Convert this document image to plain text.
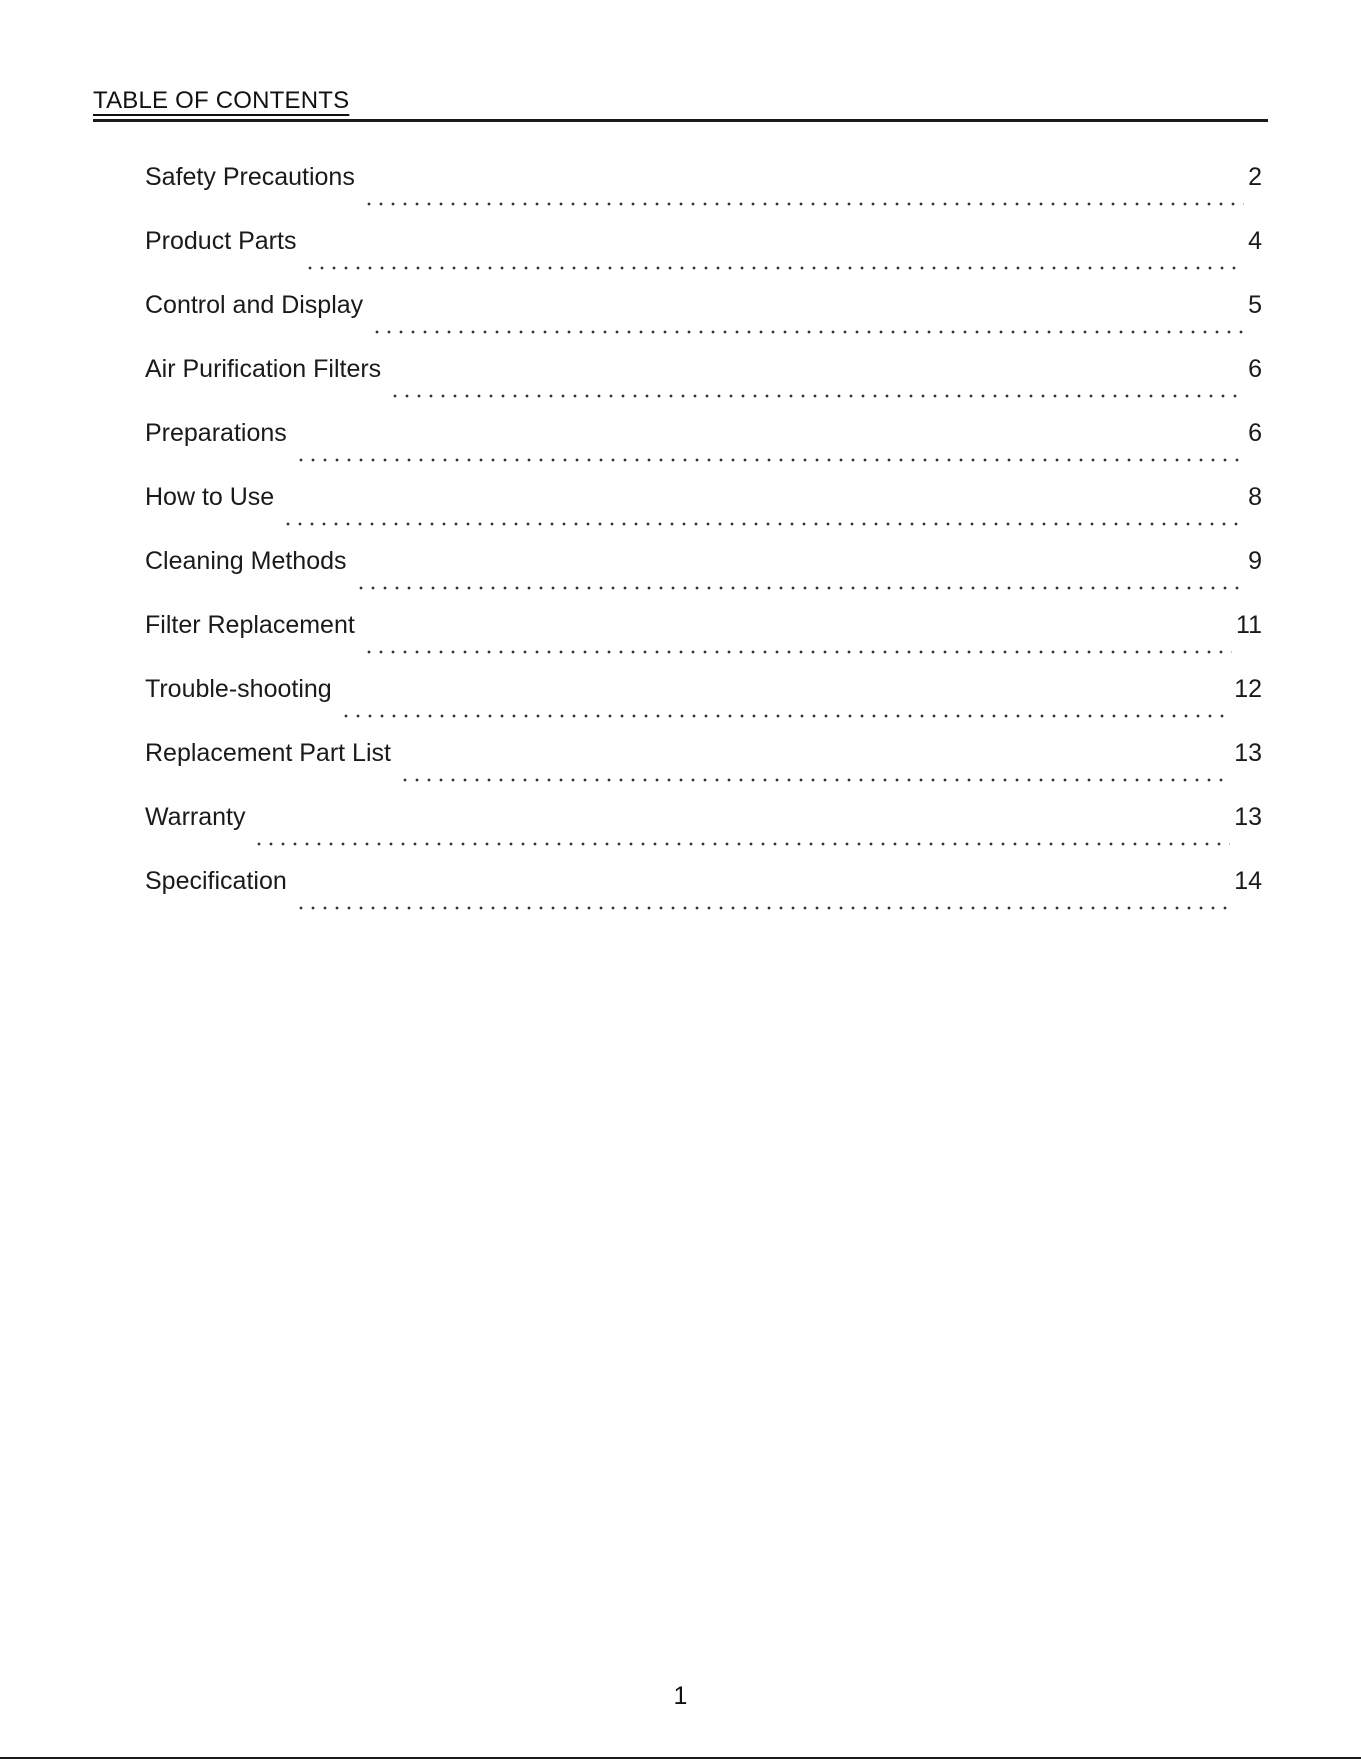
TABLE OF CONTENTS
Safety Precautions	2
Product Parts	4
Control and Display	5
Air Purification Filters	6
Preparations	6
How to Use	8
Cleaning Methods	9
Filter Replacement	11
Trouble-shooting	12
Replacement Part List	13
Warranty	13
Specification	14
1
